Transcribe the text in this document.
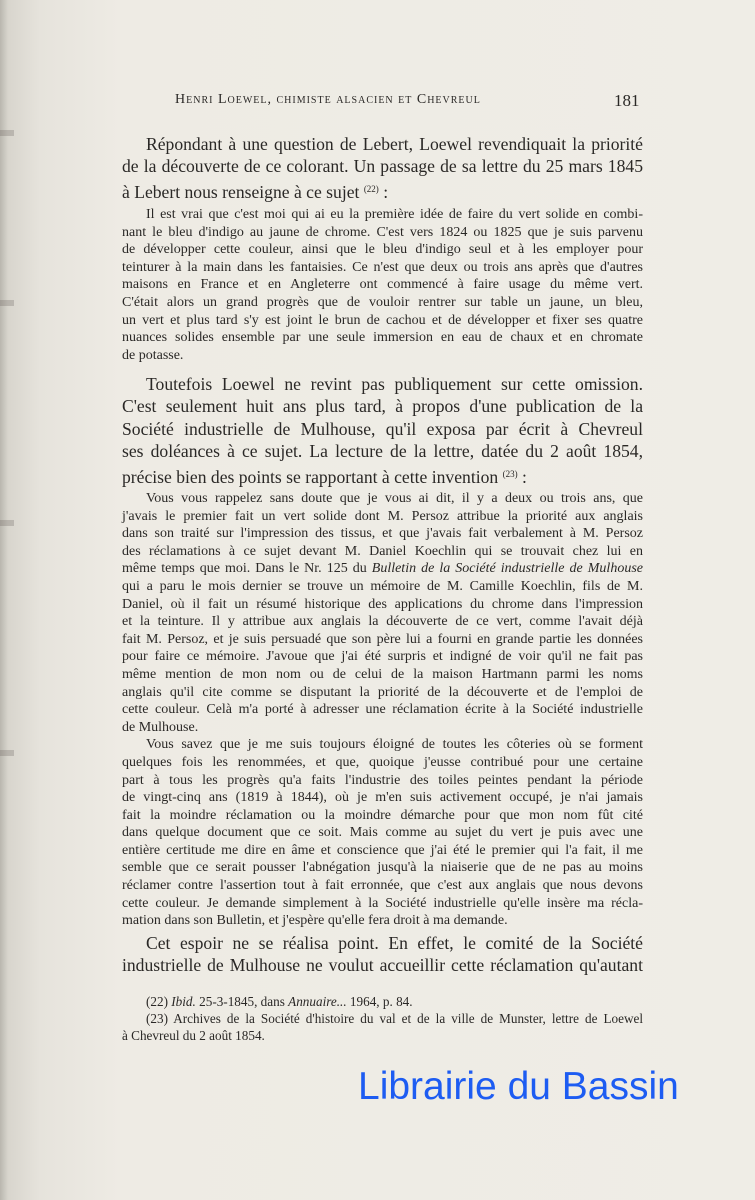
Henri Loewel, chimiste alsacien et Chevreul	181
Répondant à une question de Lebert, Loewel revendiquait la priorité
de la découverte de ce colorant. Un passage de sa lettre du 25 mars 1845
à Lebert nous renseigne à ce sujet $^{(22)}$ :
Il est vrai que c'est moi qui ai eu la première idée de faire du vert solide en combi-
nant le bleu d'indigo au jaune de chrome. C'est vers 1824 ou 1825 que je suis parvenu
de développer cette couleur, ainsi que le bleu d'indigo seul et à les employer pour
teinturer à la main dans les fantaisies. Ce n'est que deux ou trois ans après que d'autres
maisons en France et en Angleterre ont commencé à faire usage du même vert.
C'était alors un grand progrès que de vouloir rentrer sur table un jaune, un bleu,
un vert et plus tard s'y est joint le brun de cachou et de développer et fixer ses quatre
nuances solides ensemble par une seule immersion en eau de chaux et en chromate
de potasse.
Toutefois Loewel ne revint pas publiquement sur cette omission.
C'est seulement huit ans plus tard, à propos d'une publication de la
Société industrielle de Mulhouse, qu'il exposa par écrit à Chevreul
ses doléances à ce sujet. La lecture de la lettre, datée du 2 août 1854,
précise bien des points se rapportant à cette invention $^{(23)}$ :
Vous vous rappelez sans doute que je vous ai dit, il y a deux ou trois ans, que
j'avais le premier fait un vert solide dont M. Persoz attribue la priorité aux anglais
dans son traité sur l'impression des tissus, et que j'avais fait verbalement à M. Persoz
des réclamations à ce sujet devant M. Daniel Koechlin qui se trouvait chez lui en
même temps que moi. Dans le Nr. 125 du Bulletin de la Société industrielle de Mulhouse
qui a paru le mois dernier se trouve un mémoire de M. Camille Koechlin, fils de M.
Daniel, où il fait un résumé historique des applications du chrome dans l'impression
et la teinture. Il y attribue aux anglais la découverte de ce vert, comme l'avait déjà
fait M. Persoz, et je suis persuadé que son père lui a fourni en grande partie les données
pour faire ce mémoire. J'avoue que j'ai été surpris et indigné de voir qu'il ne fait pas
même mention de mon nom ou de celui de la maison Hartmann parmi les noms
anglais qu'il cite comme se disputant la priorité de la découverte et de l'emploi de
cette couleur. Celà m'a porté à adresser une réclamation écrite à la Société industrielle
de Mulhouse.
Vous savez que je me suis toujours éloigné de toutes les côteries où se forment
quelques fois les renommées, et que, quoique j'eusse contribué pour une certaine
part à tous les progrès qu'a faits l'industrie des toiles peintes pendant la période
de vingt-cinq ans (1819 à 1844), où je m'en suis activement occupé, je n'ai jamais
fait la moindre réclamation ou la moindre démarche pour que mon nom fût cité
dans quelque document que ce soit. Mais comme au sujet du vert je puis avec une
entière certitude me dire en âme et conscience que j'ai été le premier qui l'a fait, il me
semble que ce serait pousser l'abnégation jusqu'à la niaiserie que de ne pas au moins
réclamer contre l'assertion tout à fait erronnée, que c'est aux anglais que nous devons
cette couleur. Je demande simplement à la Société industrielle qu'elle insère ma récla-
mation dans son Bulletin, et j'espère qu'elle fera droit à ma demande.
Cet espoir ne se réalisa point. En effet, le comité de la Société
industrielle de Mulhouse ne voulut accueillir cette réclamation qu'autant
(22) Ibid. 25-3-1845, dans Annuaire... 1964, p. 84.
(23) Archives de la Société d'histoire du val et de la ville de Munster, lettre de Loewel
à Chevreul du 2 août 1854.
Librairie du Bassin
